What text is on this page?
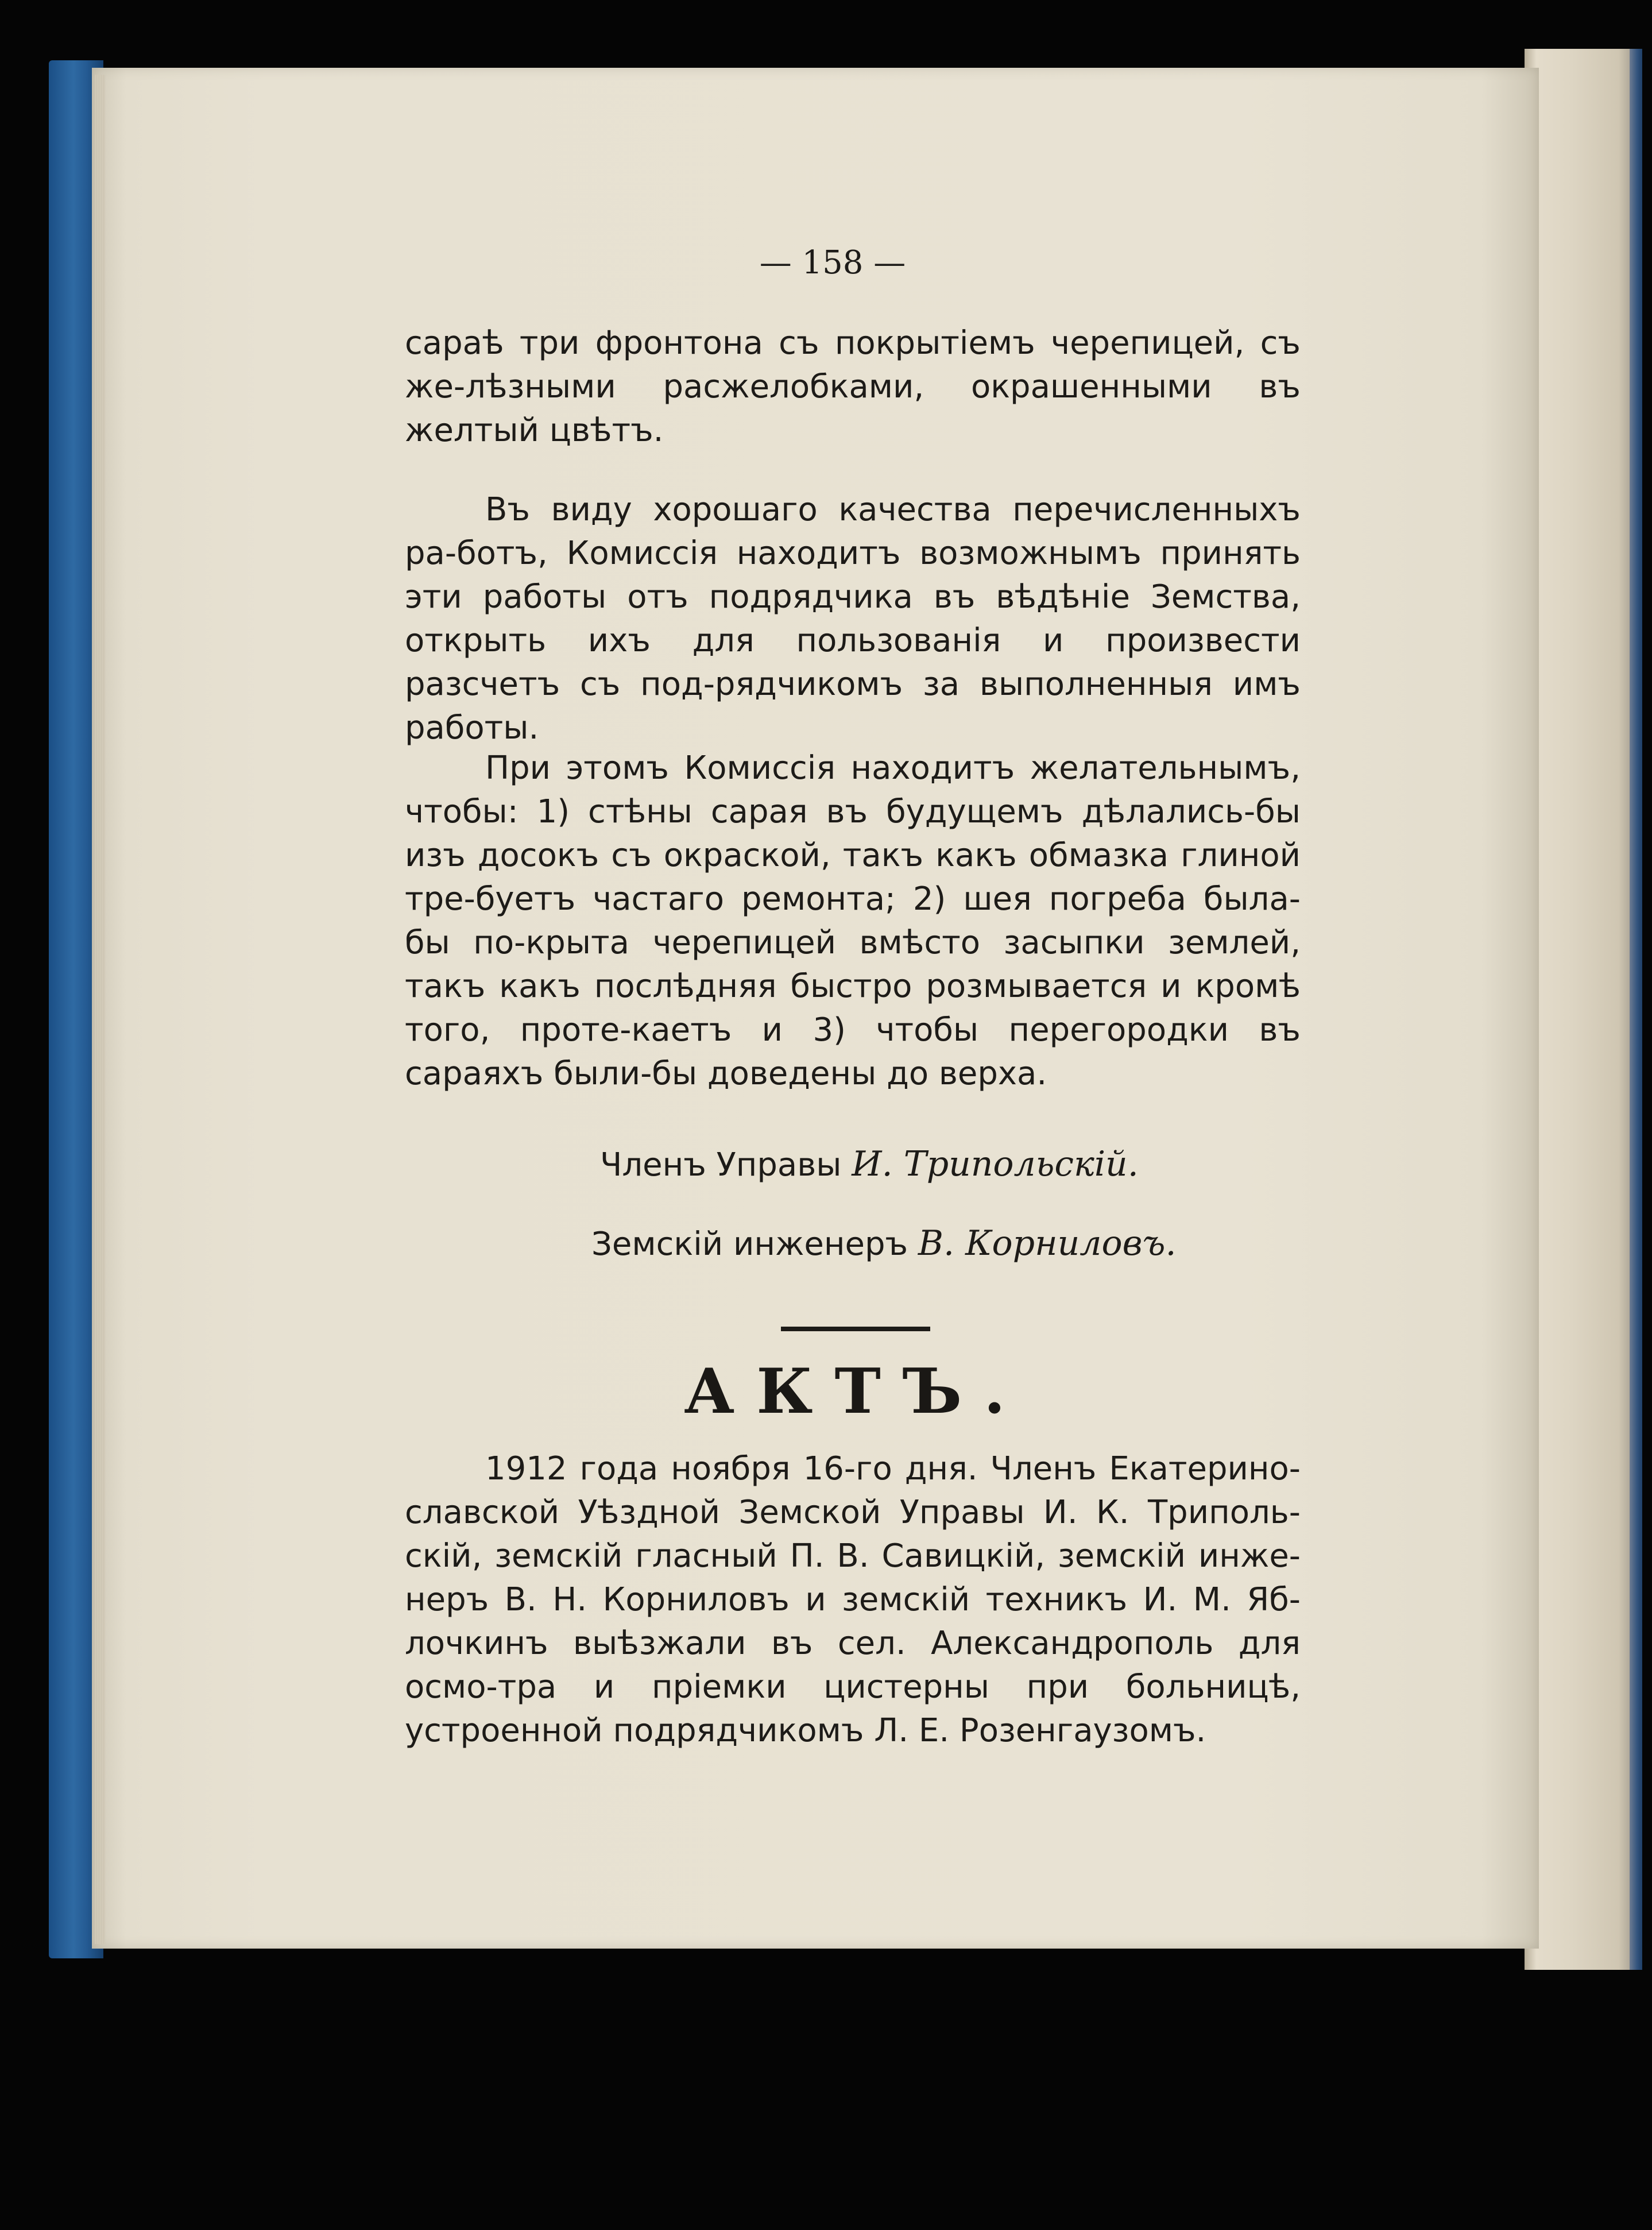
— 158 —
сараѣ три фронтона съ покрытіемъ черепицей, съ же-лѣзными расжелобками, окрашенными въ желтый цвѣтъ.
Въ виду хорошаго качества перечисленныхъ ра-ботъ, Комиссія находитъ возможнымъ принять эти работы отъ подрядчика въ вѣдѣніе Земства, открыть ихъ для пользованія и произвести разсчетъ съ под-рядчикомъ за выполненныя имъ работы.
При этомъ Комиссія находитъ желательнымъ, чтобы: 1) стѣны сарая въ будущемъ дѣлались-бы изъ досокъ съ окраской, такъ какъ обмазка глиной тре-буетъ частаго ремонта; 2) шея погреба была-бы по-крыта черепицей вмѣсто засыпки землей, такъ какъ послѣдняя быстро розмывается и кромѣ того, проте-каетъ и 3) чтобы перегородки въ сараяхъ были-бы доведены до верха.
Членъ Управы И. Трипольскій.
Земскій инженеръ В. Корниловъ.
АКТЪ.
1912 года ноября 16-го дня. Членъ Екатерино-славской Уѣздной Земской Управы И. К. Триполь-скій, земскій гласный П. В. Савицкій, земскій инже-неръ В. Н. Корниловъ и земскій техникъ И. М. Яб-лочкинъ выѣзжали въ сел. Александрополь для осмо-тра и пріемки цистерны при больницѣ, устроенной подрядчикомъ Л. Е. Розенгаузомъ.
